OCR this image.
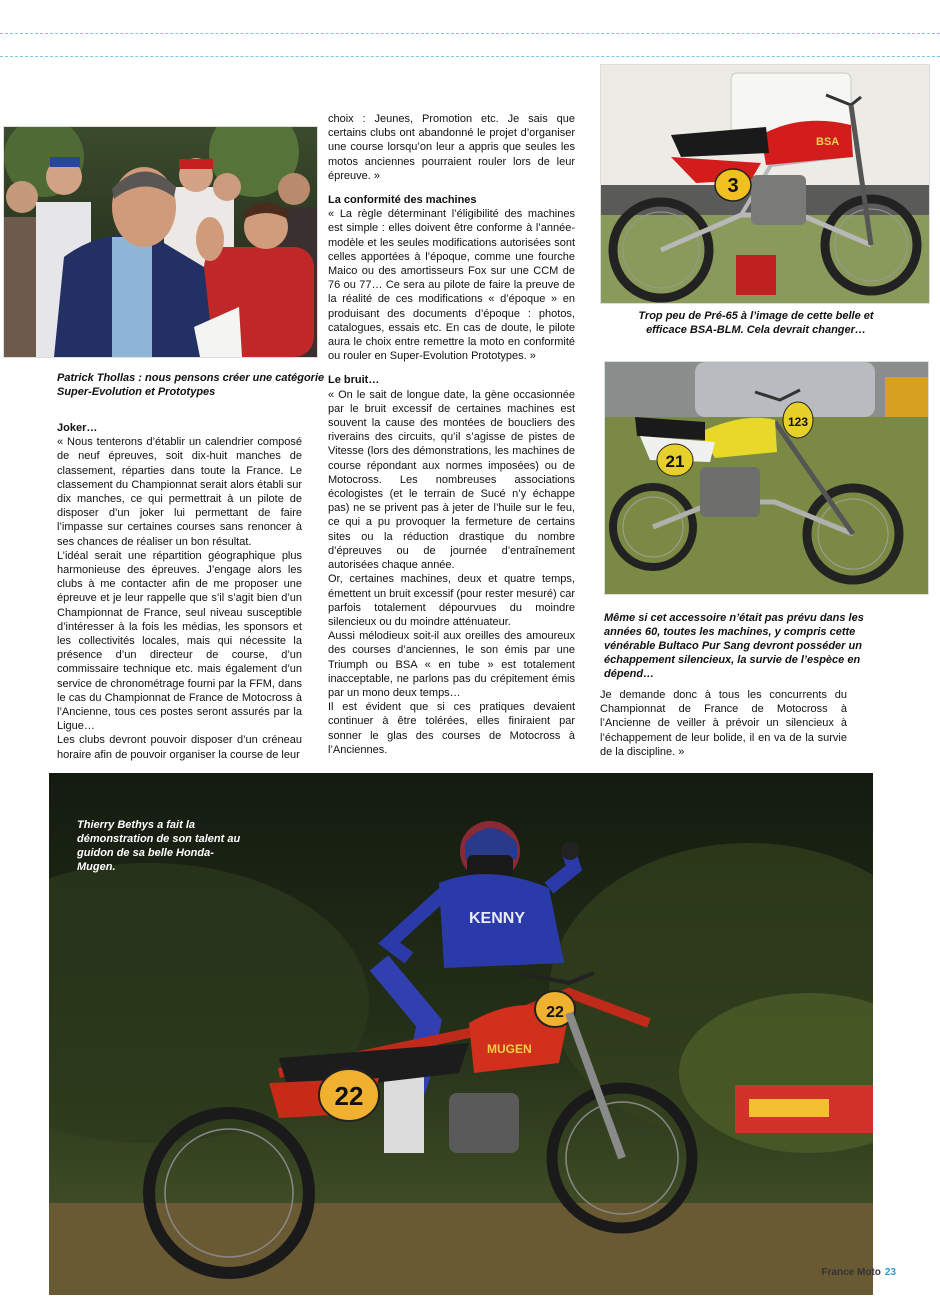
Patrick Thollas : nous pensons créer une catégorie Super-Evolution et Prototypes
Joker…

« Nous tenterons d’établir un calendrier composé de neuf épreuves, soit dix-huit manches de classement, réparties dans toute la France. Le classement du Championnat serait alors établi sur dix manches, ce qui permettrait à un pilote de disposer d’un joker lui permettant de faire l’impasse sur certaines courses sans renoncer à ses chances de réaliser un bon résultat.

L’idéal serait une répartition géographique plus harmonieuse des épreuves. J’engage alors les clubs à me contacter afin de me proposer une épreuve et je leur rappelle que s’il s’agit bien d’un Championnat de France, seul niveau susceptible d’intéresser à la fois les médias, les sponsors et les collectivités locales, mais qui nécessite la présence d’un directeur de course, d’un commissaire technique etc. mais également d’un service de chronométrage fourni par la FFM, dans le cas du Championnat de France de Motocross à l’Ancienne, tous ces postes seront assurés par la Ligue…

Les clubs devront pouvoir disposer d’un créneau horaire afin de pouvoir organiser la course de leur

choix : Jeunes, Promotion etc. Je sais que certains clubs ont abandonné le projet d’organiser une course lorsqu’on leur a appris que seules les motos anciennes pourraient rouler lors de leur épreuve. »

La conformité des machines

« La règle déterminant l’éligibilité des machines est simple : elles doivent être conforme à l’année-modèle et les seules modifications autorisées sont celles apportées à l’époque, comme une fourche Maico ou des amortisseurs Fox sur une CCM de 76 ou 77… Ce sera au pilote de faire la preuve de la réalité de ces modifications « d’époque » en produisant des documents d’époque : photos, catalogues, essais etc. En cas de doute, le pilote aura le choix entre remettre la moto en conformité ou rouler en Super-Evolution Prototypes. »

Le bruit…

« On le sait de longue date, la gène occasionnée par le bruit excessif de certaines machines est souvent la cause des montées de boucliers des riverains des circuits, qu’il s’agisse de pistes de Vitesse (lors des démonstrations, les machines de course répondant aux normes imposées) ou de Motocross. Les nombreuses associations écologistes (et le terrain de Sucé n’y échappe pas) ne se privent pas à jeter de l’huile sur le feu, ce qui a pu provoquer la fermeture de certains sites ou la réduction drastique du nombre d’épreuves ou de journée d’entraînement autorisées chaque année.

Or, certaines machines, deux et quatre temps, émettent un bruit excessif (pour rester mesuré) car parfois totalement dépourvues du moindre silencieux ou du moindre atténuateur.

Aussi mélodieux soit-il aux oreilles des amoureux des courses d’anciennes, le son émis par une Triumph ou BSA « en tube » est totalement inacceptable, ne parlons pas du crépitement émis par un mono deux temps…

Il est évident que si ces pratiques devaient continuer à être tolérées, elles finiraient par sonner le glas des courses de Motocross à l’Anciennes.

BSA
3
Trop peu de Pré-65 à l’image de cette belle et efficace BSA-BLM. Cela devrait changer…
21
123
Même si cet accessoire n’était pas prévu dans les années 60, toutes les machines, y compris cette vénérable Bultaco Pur Sang devront posséder un échappement silencieux, la survie de l’espèce en dépend…

Je demande donc à tous les concurrents du Championnat de France de Motocross à l’Ancienne de veiller à prévoir un silencieux à l’échappement de leur bolide, il en va de la survie de la discipline. »

KENNY
MUGEN
22
22
Thierry Bethys a fait la démonstration de son talent au guidon de sa belle Honda-Mugen.
France Moto 23
